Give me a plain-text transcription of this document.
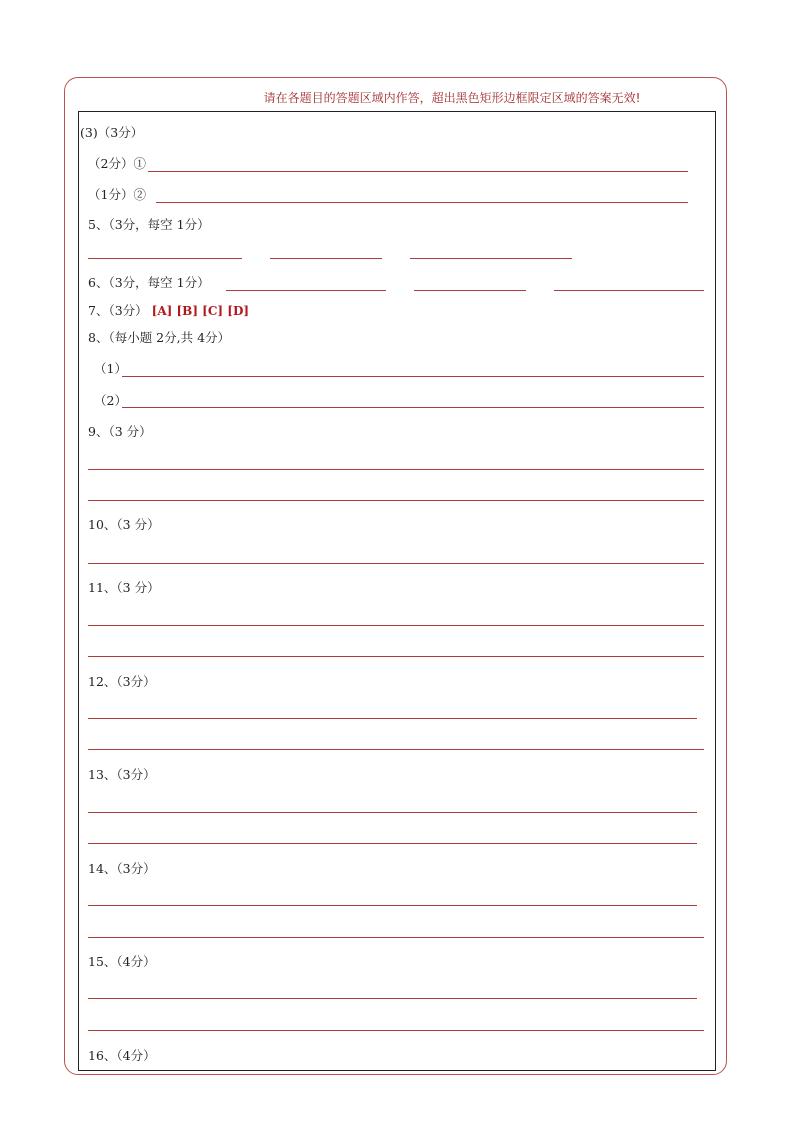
请在各题目的答题区域内作答，超出黑色矩形边框限定区域的答案无效!
(3)（3分）
（2分）①
（1分）②
5、（3分，每空 1分）
6、（3分，每空 1分）
7、（3分） [A] [B] [C] [D]
8、（每小题 2分,共 4分）
（1）
（2）
9、（3 分）
10、（3 分）
11、（3 分）
12、（3分）
13、（3分）
14、（3分）
15、（4分）
16、（4分）
